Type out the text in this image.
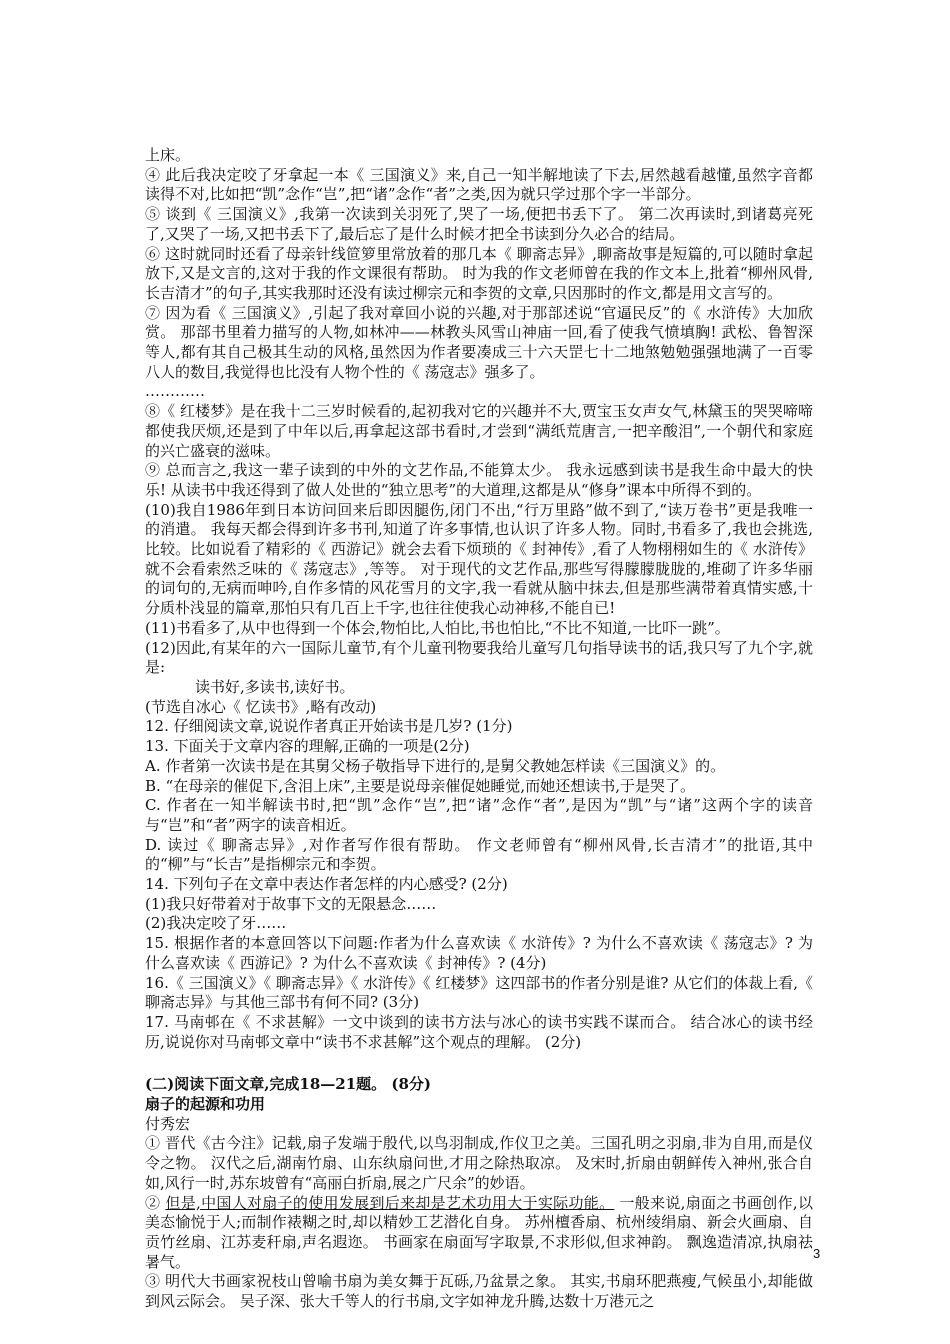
上床。

④ 此后我决定咬了牙拿起一本《 三国演义》来,自己一知半解地读了下去,居然越看越懂,虽然字音都读得不对,比如把“凯”念作“岂”,把“诸”念作“者”之类,因为就只学过那个字一半部分。

⑤ 谈到《 三国演义》,我第一次读到关羽死了,哭了一场,便把书丢下了。 第二次再读时,到诸葛亮死了,又哭了一场,又把书丢下了,最后忘了是什么时候才把全书读到分久必合的结局。

⑥ 这时就同时还看了母亲针线笸箩里常放着的那几本《 聊斋志异》,聊斋故事是短篇的,可以随时拿起放下,又是文言的,这对于我的作文课很有帮助。 时为我的作文老师曾在我的作文本上,批着“柳州风骨,长吉清才”的句子,其实我那时还没有读过柳宗元和李贺的文章,只因那时的作文,都是用文言写的。

⑦ 因为看《 三国演义》,引起了我对章回小说的兴趣,对于那部述说“官逼民反”的《 水浒传》大加欣赏。 那部书里着力描写的人物,如林冲——林教头风雪山神庙一回,看了使我气愤填胸! 武松、鲁智深等人,都有其自己极其生动的风格,虽然因为作者要凑成三十六天罡七十二地煞勉勉强强地满了一百零八人的数目,我觉得也比没有人物个性的《 荡寇志》强多了。

…………

⑧《 红楼梦》是在我十二三岁时候看的,起初我对它的兴趣并不大,贾宝玉女声女气,林黛玉的哭哭啼啼都使我厌烦,还是到了中年以后,再拿起这部书看时,才尝到“满纸荒唐言,一把辛酸泪”,一个朝代和家庭的兴亡盛衰的滋味。

⑨ 总而言之,我这一辈子读到的中外的文艺作品,不能算太少。 我永远感到读书是我生命中最大的快乐! 从读书中我还得到了做人处世的“独立思考”的大道理,这都是从“修身”课本中所得不到的。

(10)我自1986年到日本访问回来后即因腿伤,闭门不出,“行万里路”做不到了,“读万卷书”更是我唯一的消遣。 我每天都会得到许多书刊,知道了许多事情,也认识了许多人物。同时,书看多了,我也会挑选,比较。比如说看了精彩的《 西游记》就会去看下烦琐的《 封神传》,看了人物栩栩如生的《 水浒传》就不会看索然乏味的《 荡寇志》,等等。 对于现代的文艺作品,那些写得朦朦胧胧的,堆砌了许多华丽的词句的,无病而呻吟,自作多情的风花雪月的文字,我一看就从脑中抹去,但是那些满带着真情实感,十分质朴浅显的篇章,那怕只有几百上千字,也往往使我心动神移,不能自已!

(11)书看多了,从中也得到一个体会,物怕比,人怕比,书也怕比,“不比不知道,一比吓一跳”。

(12)因此,有某年的六一国际儿童节,有个儿童刊物要我给儿童写几句指导读书的话,我只写了九个字,就是:

读书好,多读书,读好书。

(节选自冰心《 忆读书》,略有改动)

12. 仔细阅读文章,说说作者真正开始读书是几岁? (1分)

13. 下面关于文章内容的理解,正确的一项是(2分)

A. 作者第一次读书是在其舅父杨子敬指导下进行的,是舅父教她怎样读《三国演义》的。

B. “在母亲的催促下,含泪上床”,主要是说母亲催促她睡觉,而她还想读书,于是哭了。

C. 作者在一知半解读书时,把“凯”念作“岂”,把“诸”念作“者”,是因为“凯”与“诸”这两个字的读音与“岂”和“者”两字的读音相近。

D. 读过《 聊斋志异》,对作者写作很有帮助。 作文老师曾有“柳州风骨,长吉清才”的批语,其中的“柳”与“长吉”是指柳宗元和李贺。

14. 下列句子在文章中表达作者怎样的内心感受? (2分)

(1)我只好带着对于故事下文的无限悬念……

(2)我决定咬了牙……

15. 根据作者的本意回答以下问题:作者为什么喜欢读《 水浒传》? 为什么不喜欢读《 荡寇志》? 为什么喜欢读《 西游记》? 为什么不喜欢读《 封神传》? (4分)

16.《 三国演义》《 聊斋志异》《 水浒传》《 红楼梦》这四部书的作者分别是谁? 从它们的体裁上看,《 聊斋志异》与其他三部书有何不同? (3分)

17. 马南邨在《 不求甚解》一文中谈到的读书方法与冰心的读书实践不谋而合。 结合冰心的读书经历,说说你对马南邨文章中“读书不求甚解”这个观点的理解。 (2分)

(二)阅读下面文章,完成18—21题。 (8分)

扇子的起源和功用

付秀宏

① 晋代《古今注》记载,扇子发端于殷代,以鸟羽制成,作仪卫之美。三国孔明之羽扇,非为自用,而是仪令之物。 汉代之后,湖南竹扇、山东纨扇问世,才用之除热取凉。 及宋时,折扇由朝鲜传入神州,张合自如,风行一时,苏东坡曾有“高丽白折扇,展之广尺余”的妙语。

② 但是,中国人对扇子的使用发展到后来却是艺术功用大于实际功能。 一般来说,扇面之书画创作,以美态愉悦于人;而制作裱糊之时,却以精妙工艺潜化自身。 苏州檀香扇、杭州绫绢扇、新会火画扇、自贡竹丝扇、江苏麦秆扇,声名遐迩。 书画家在扇面写字取景,不求形似,但求神韵。 飘逸造清凉,执扇祛暑气。

③ 明代大书画家祝枝山曾喻书扇为美女舞于瓦砾,乃盆景之象。 其实,书扇环肥燕瘦,气候虽小,却能做到风云际会。 吴子深、张大千等人的行书扇,文字如神龙升腾,达数十万港元之

3
